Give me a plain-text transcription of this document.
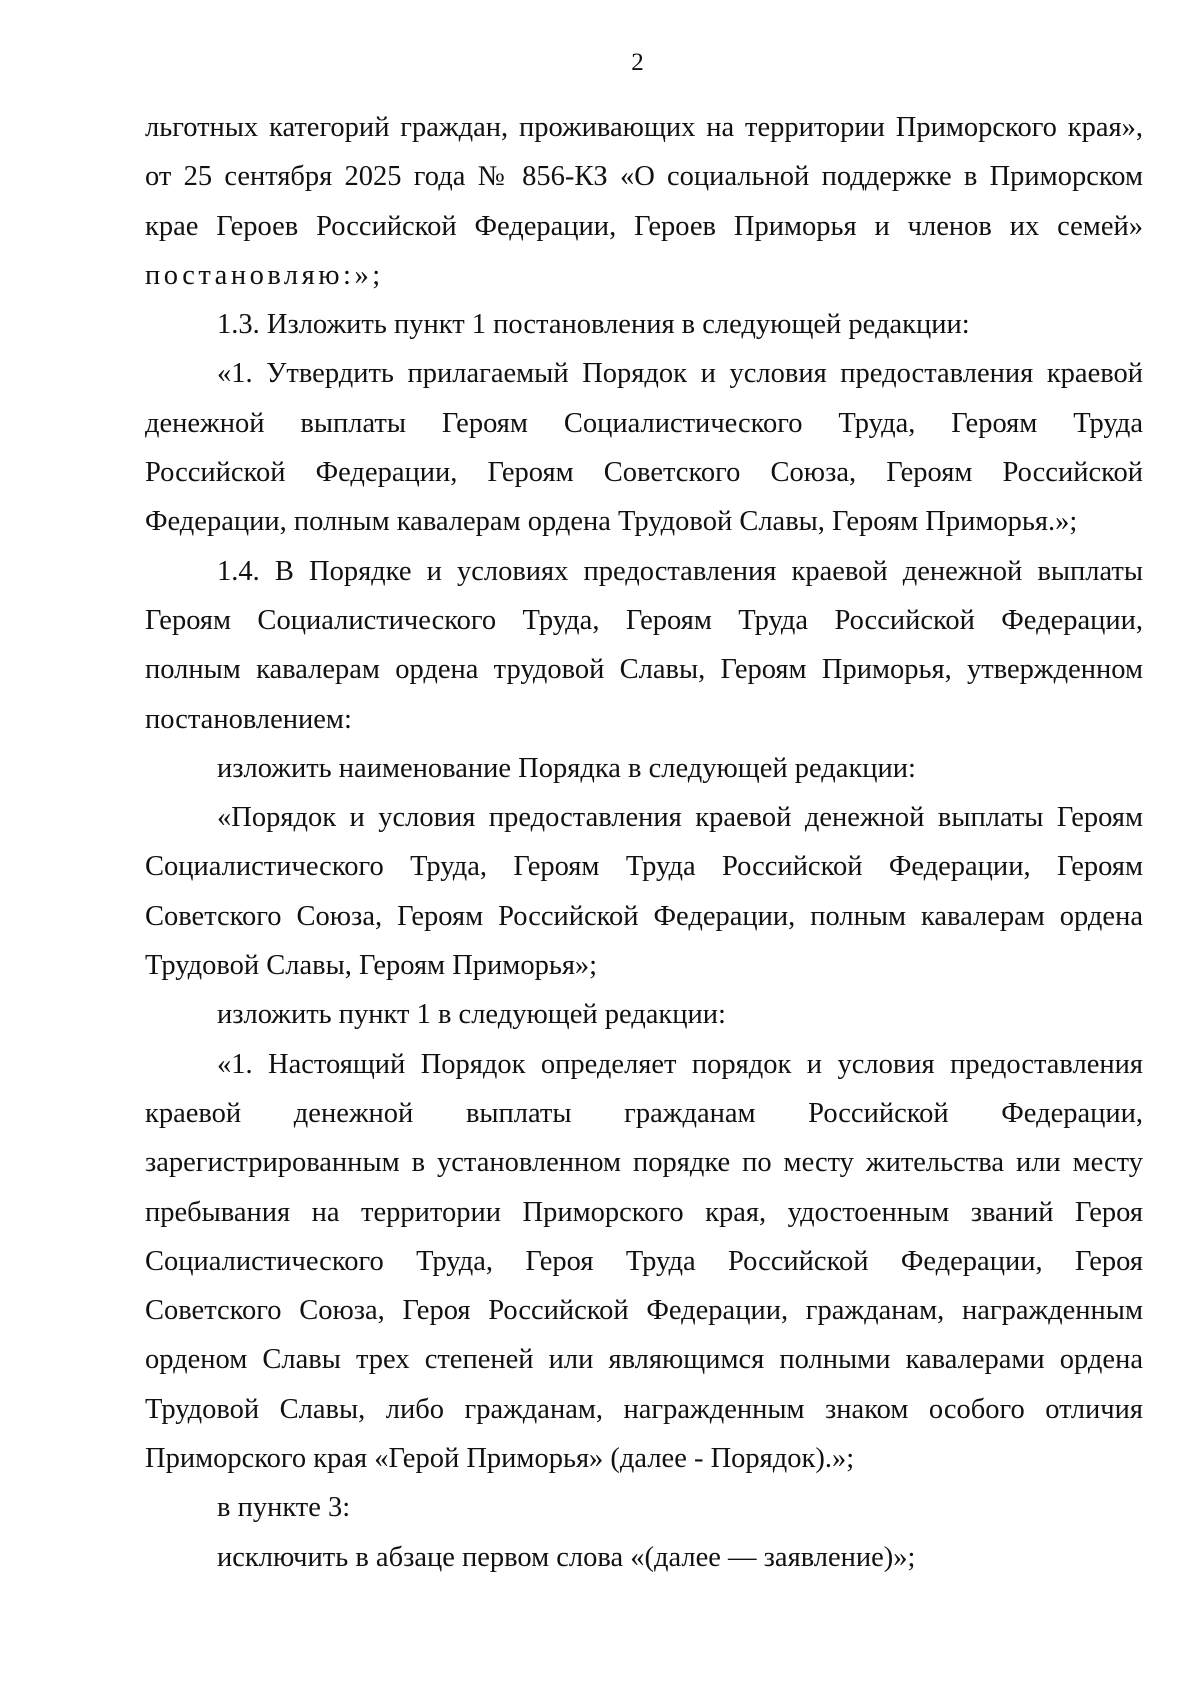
2
льготных категорий граждан, проживающих на территории Приморского края»,
от 25 сентября 2025 года № 856-КЗ «О социальной поддержке в Приморском
крае Героев Российской Федерации, Героев Приморья и членов их семей»
постановляю:»;
1.3. Изложить пункт 1 постановления в следующей редакции:
«1. Утвердить прилагаемый Порядок и условия предоставления краевой
денежной выплаты Героям Социалистического Труда, Героям Труда
Российской Федерации, Героям Советского Союза, Героям Российской
Федерации, полным кавалерам ордена Трудовой Славы, Героям Приморья.»;
1.4. В Порядке и условиях предоставления краевой денежной выплаты
Героям Социалистического Труда, Героям Труда Российской Федерации,
полным кавалерам ордена трудовой Славы, Героям Приморья, утвержденном
постановлением:
изложить наименование Порядка в следующей редакции:
«Порядок и условия предоставления краевой денежной выплаты Героям
Социалистического Труда, Героям Труда Российской Федерации, Героям
Советского Союза, Героям Российской Федерации, полным кавалерам ордена
Трудовой Славы, Героям Приморья»;
изложить пункт 1 в следующей редакции:
«1. Настоящий Порядок определяет порядок и условия предоставления
краевой денежной выплаты гражданам Российской Федерации,
зарегистрированным в установленном порядке по месту жительства или месту
пребывания на территории Приморского края, удостоенным званий Героя
Социалистического Труда, Героя Труда Российской Федерации, Героя
Советского Союза, Героя Российской Федерации, гражданам, награжденным
орденом Славы трех степеней или являющимся полными кавалерами ордена
Трудовой Славы, либо гражданам, награжденным знаком особого отличия
Приморского края «Герой Приморья» (далее - Порядок).»;
в пункте 3:
исключить в абзаце первом слова «(далее — заявление)»;
